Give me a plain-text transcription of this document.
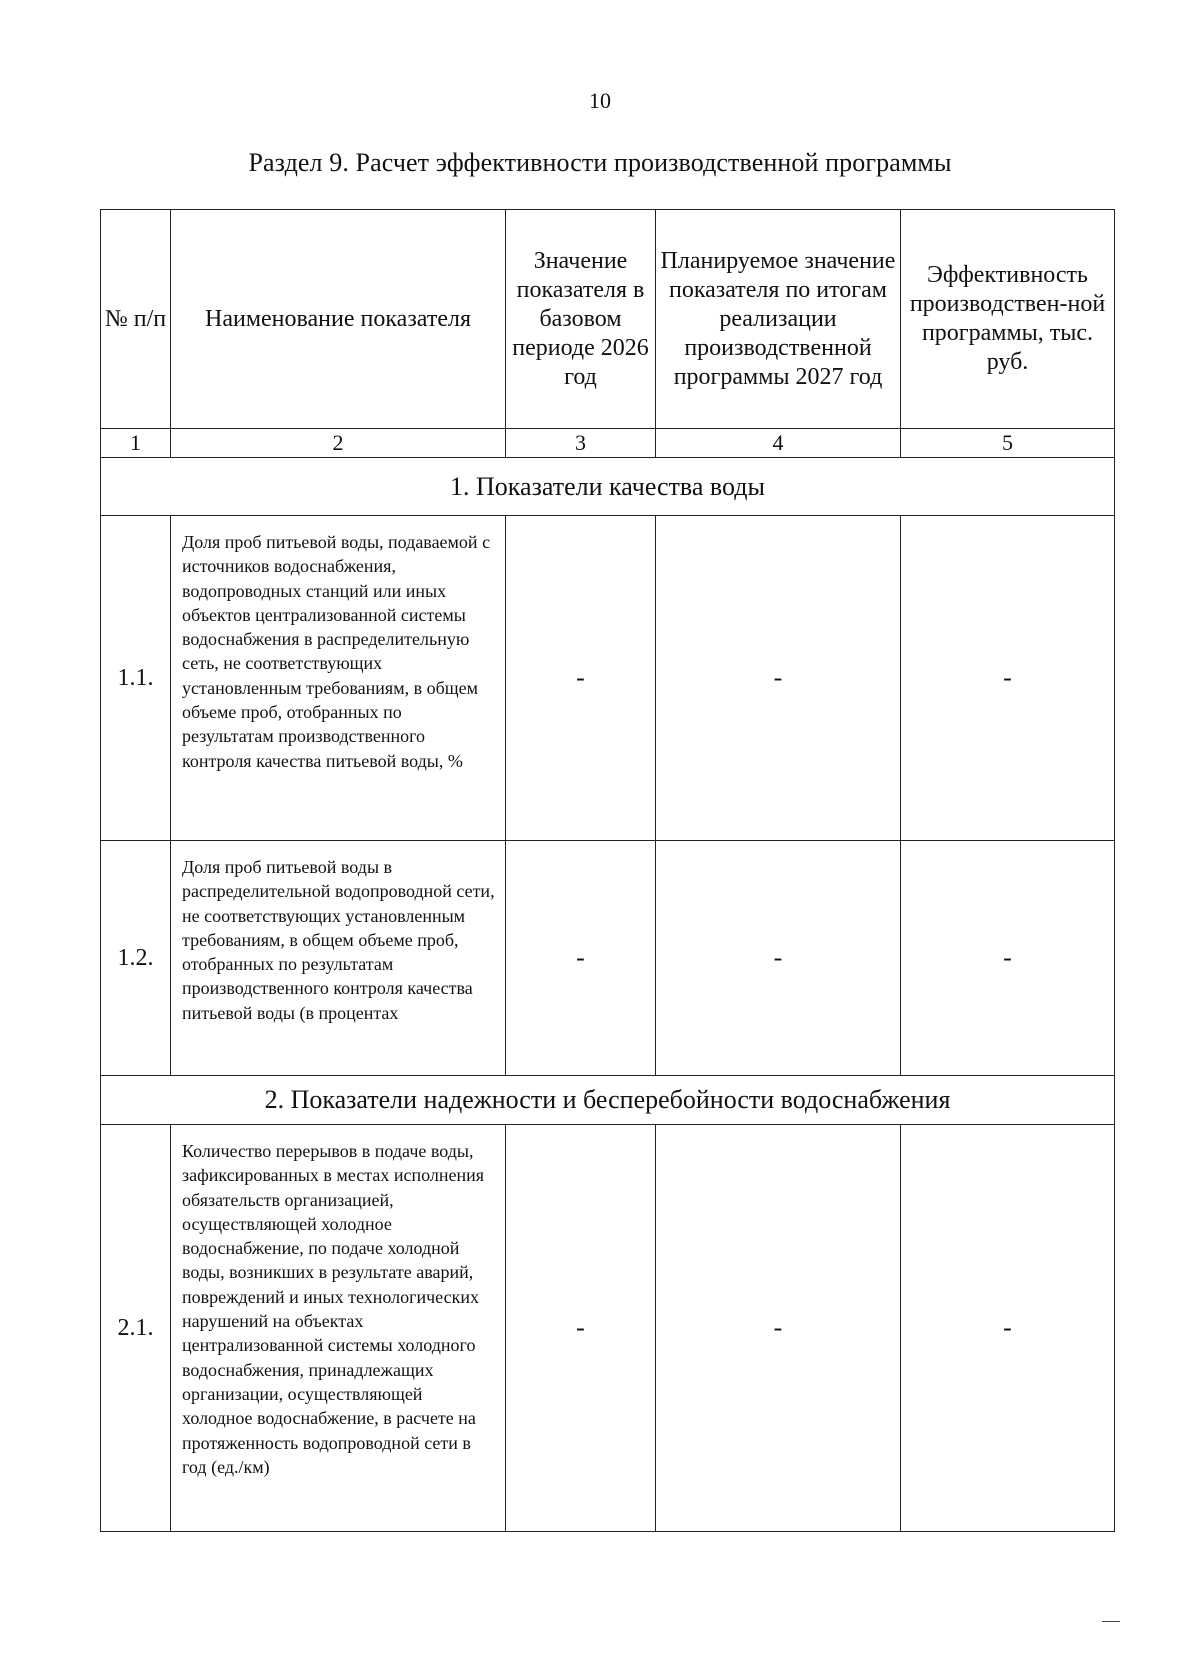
10
Раздел 9. Расчет эффективности производственной программы
№ п/п	Наименование показателя	Значение показателя в базовом периоде 2026 год	Планируемое значение показателя по итогам реализации производственной программы 2027 год	Эффективность производствен-ной программы, тыс. руб.
1	2	3	4	5
1. Показатели качества воды				
1.1.	Доля проб питьевой воды, подаваемой с источников водоснабжения, водопроводных станций или иных объектов централизованной системы водоснабжения в распределительную сеть, не соответствующих установленным требованиям, в общем объеме проб, отобранных по результатам производственного контроля качества питьевой воды, %	-	-	-
1.2.	Доля проб питьевой воды в распределительной водопроводной сети, не соответствующих установленным требованиям, в общем объеме проб, отобранных по результатам производственного контроля качества питьевой воды (в процентах	-	-	-
2. Показатели надежности и бесперебойности водоснабжения				
2.1.	Количество перерывов в подаче воды, зафиксированных в местах исполнения обязательств организацией, осуществляющей холодное водоснабжение, по подаче холодной воды, возникших в результате аварий, повреждений и иных технологических нарушений на объектах централизованной системы холодного водоснабжения, принадлежащих организации, осуществляющей холодное водоснабжение, в расчете на протяженность водопроводной сети в год (ед./км)	-	-	-
